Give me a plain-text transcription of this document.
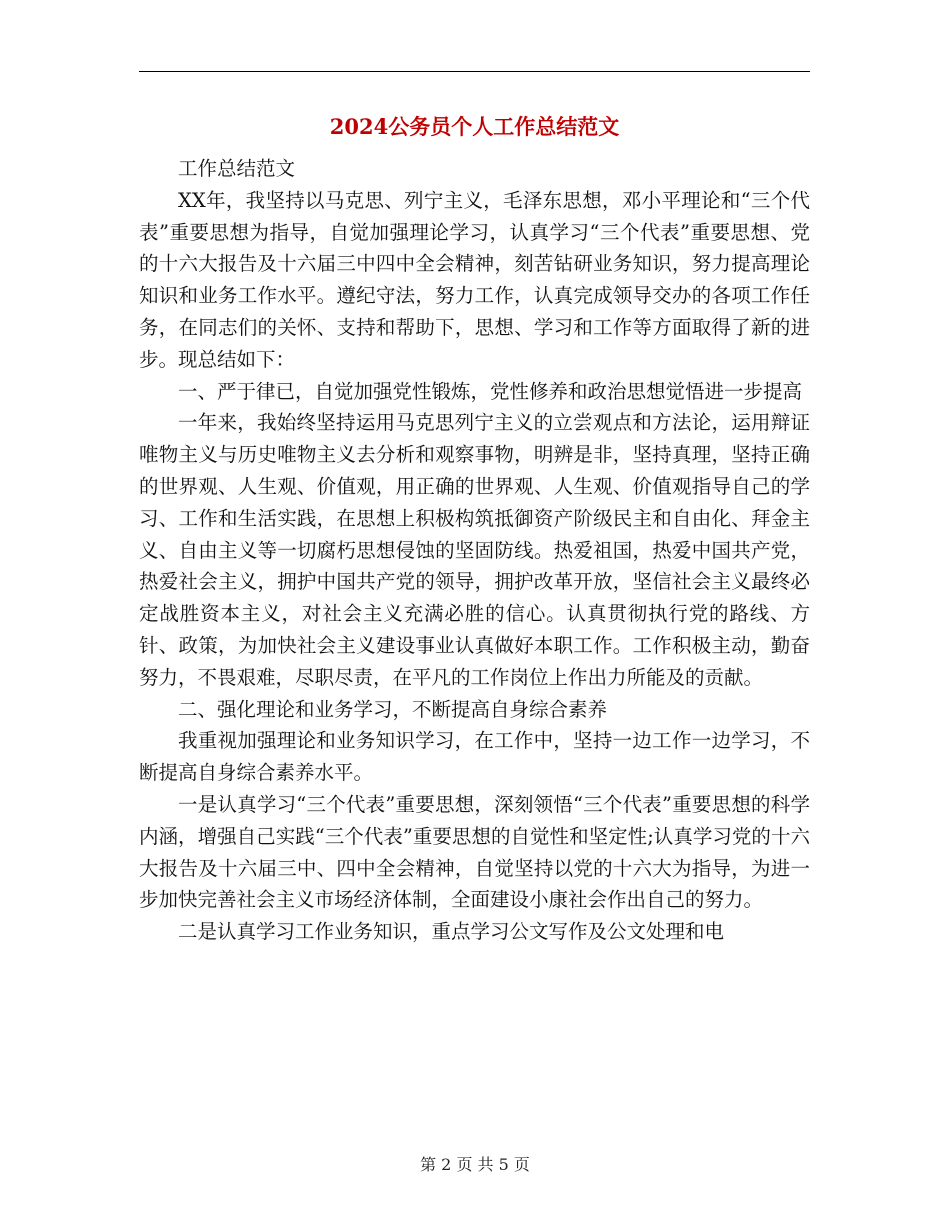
2024公务员个人工作总结范文

工作总结范文

XX年，我坚持以马克思、列宁主义，毛泽东思想，邓小平理论和“三个代表”重要思想为指导，自觉加强理论学习，认真学习“三个代表”重要思想、党的十六大报告及十六届三中四中全会精神，刻苦钻研业务知识，努力提高理论知识和业务工作水平。遵纪守法，努力工作，认真完成领导交办的各项工作任务，在同志们的关怀、支持和帮助下，思想、学习和工作等方面取得了新的进步。现总结如下：

一、严于律已，自觉加强党性锻炼，党性修养和政治思想觉悟进一步提高

一年来，我始终坚持运用马克思列宁主义的立尝观点和方法论，运用辩证唯物主义与历史唯物主义去分析和观察事物，明辨是非，坚持真理，坚持正确的世界观、人生观、价值观，用正确的世界观、人生观、价值观指导自己的学习、工作和生活实践，在思想上积极构筑抵御资产阶级民主和自由化、拜金主义、自由主义等一切腐朽思想侵蚀的坚固防线。热爱祖国，热爱中国共产党，热爱社会主义，拥护中国共产党的领导，拥护改革开放，坚信社会主义最终必定战胜资本主义，对社会主义充满必胜的信心。认真贯彻执行党的路线、方针、政策，为加快社会主义建设事业认真做好本职工作。工作积极主动，勤奋努力，不畏艰难，尽职尽责，在平凡的工作岗位上作出力所能及的贡献。

二、强化理论和业务学习，不断提高自身综合素养

我重视加强理论和业务知识学习，在工作中，坚持一边工作一边学习，不断提高自身综合素养水平。

一是认真学习“三个代表”重要思想，深刻领悟“三个代表”重要思想的科学内涵，增强自己实践“三个代表”重要思想的自觉性和坚定性;认真学习党的十六大报告及十六届三中、四中全会精神，自觉坚持以党的十六大为指导，为进一步加快完善社会主义市场经济体制，全面建设小康社会作出自己的努力。

二是认真学习工作业务知识，重点学习公文写作及公文处理和电

第 2 页 共 5 页
